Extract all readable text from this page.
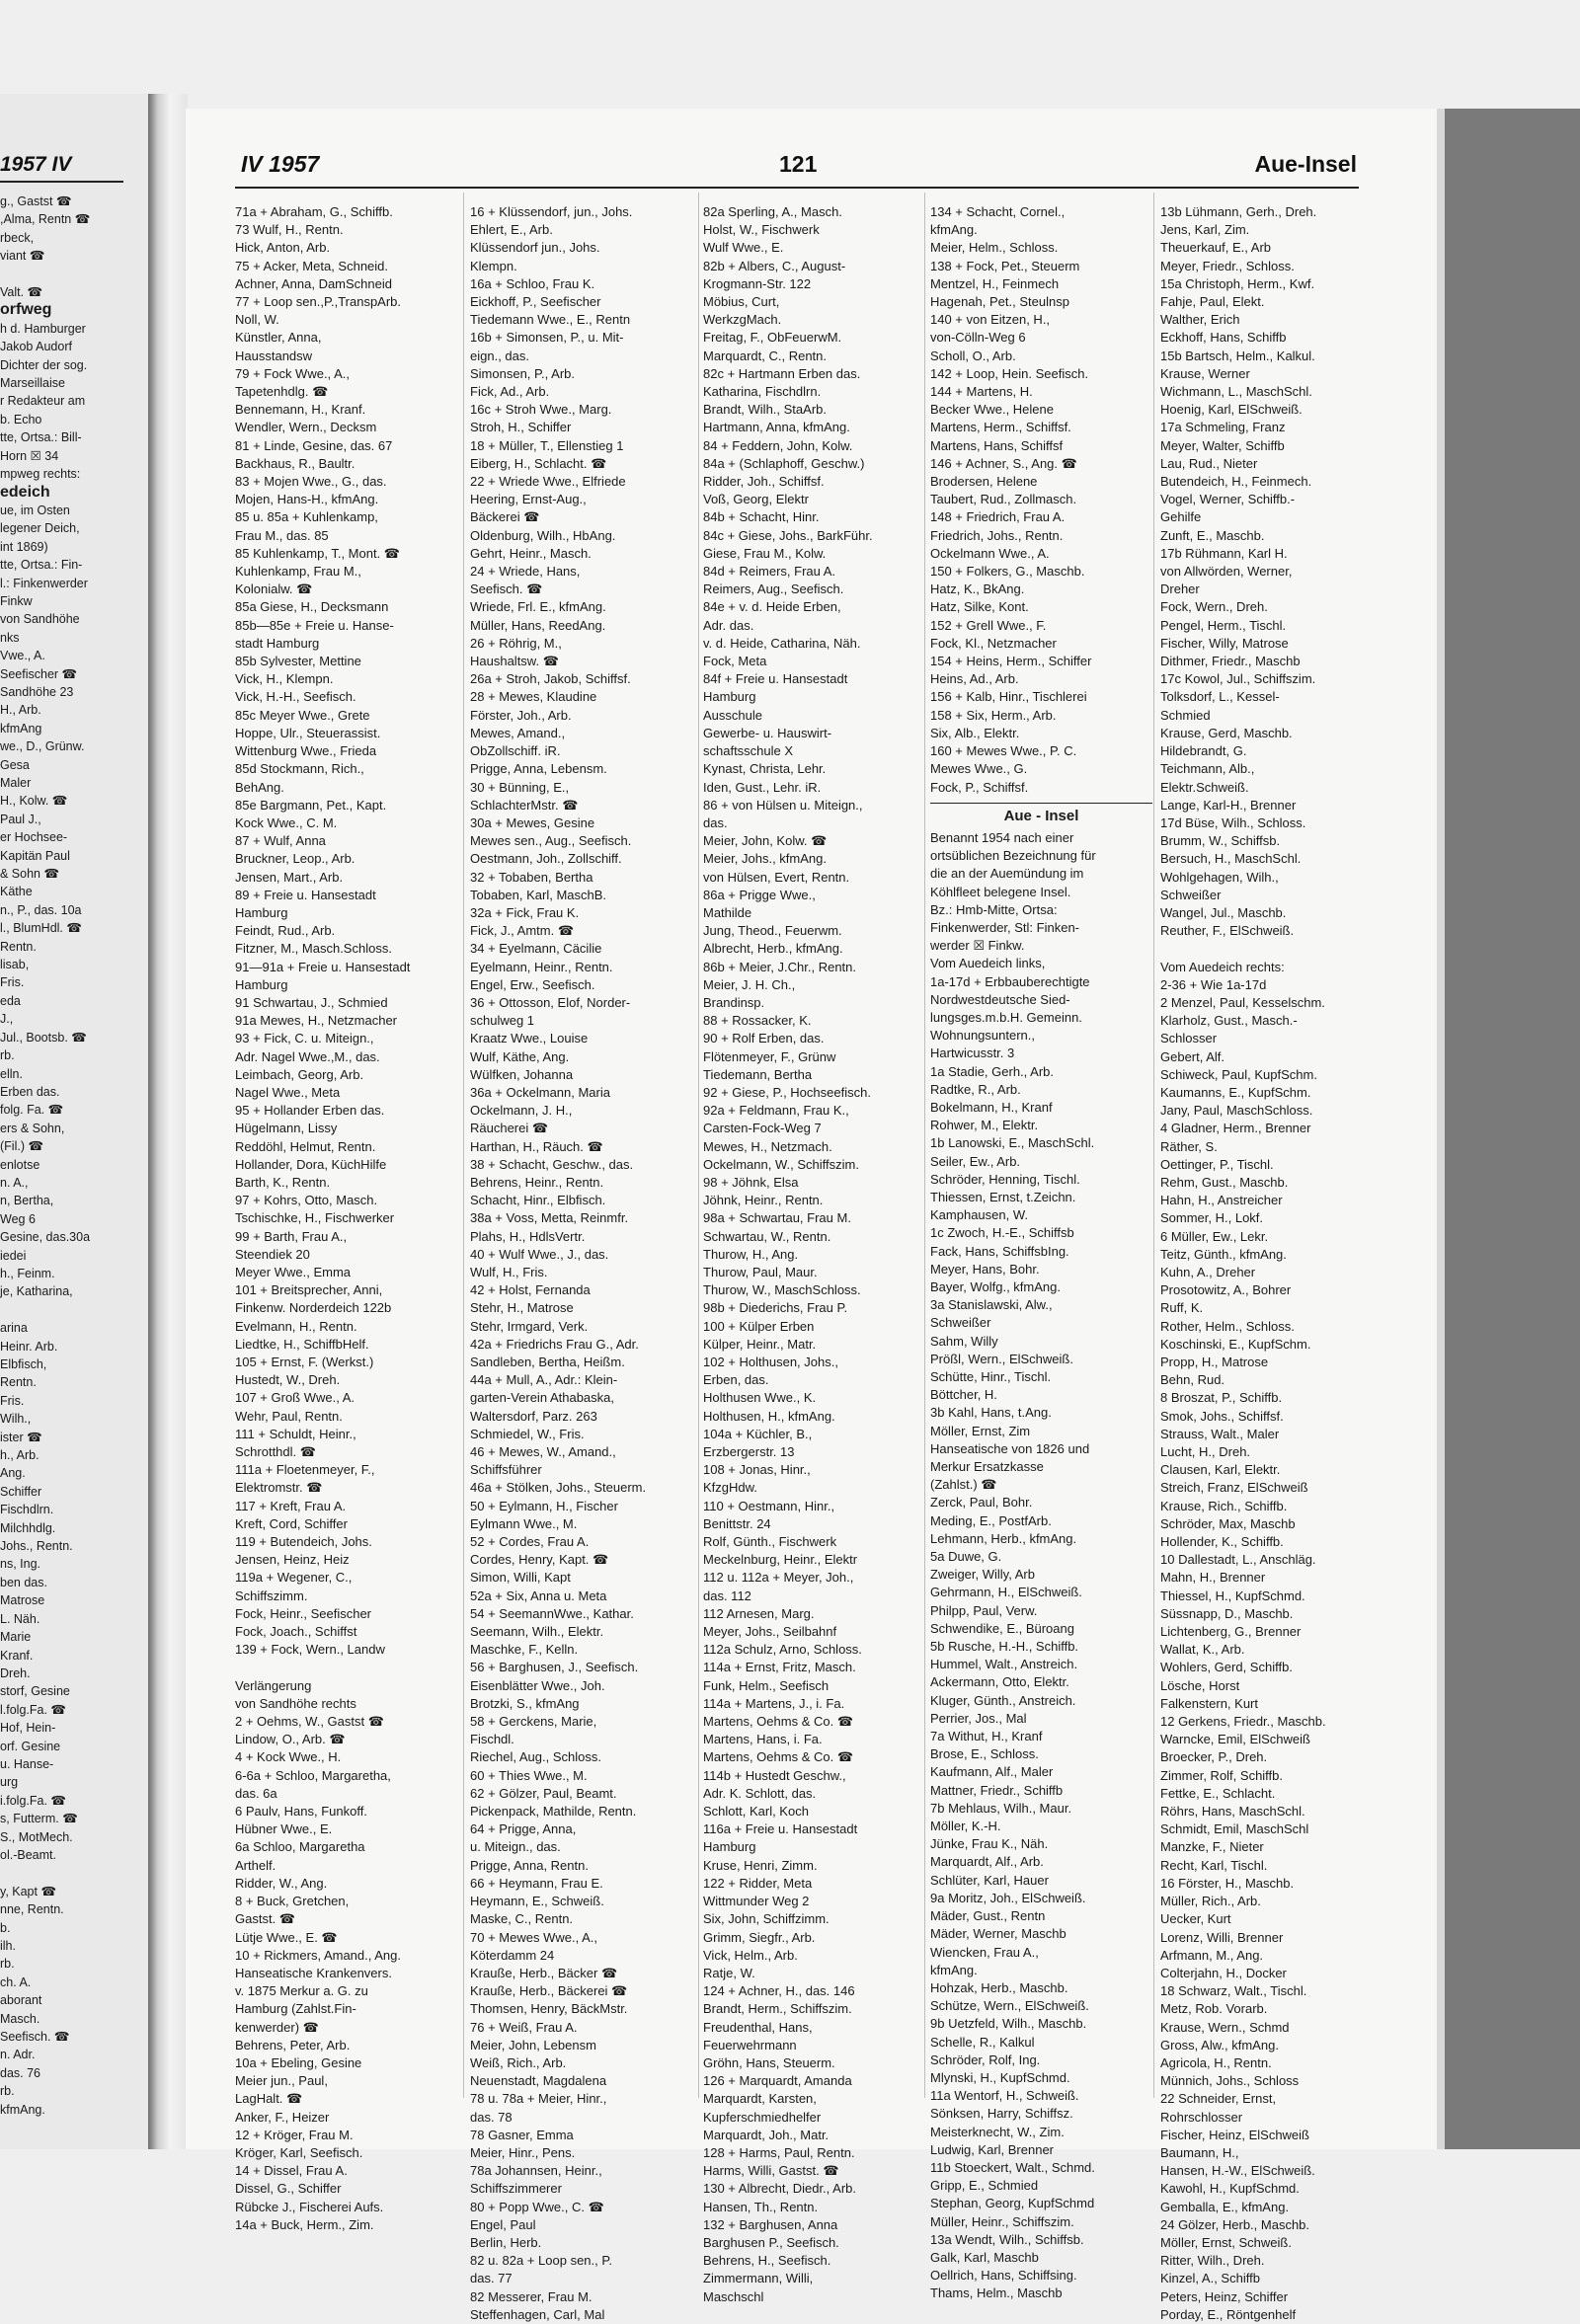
1957 IV
g., Gastst ☎
,Alma, Rentn ☎
rbeck,
viant ☎

Valt. ☎
orfweg
h d. Hamburger
Jakob Audorf
Dichter der sog.
Marseillaise
r Redakteur am
b. Echo
tte, Ortsa.: Bill-
Horn ☒ 34
mpweg rechts:
edeich
ue, im Osten
legener Deich,
int 1869)
tte, Ortsa.: Fin-
l.: Finkenwerder
Finkw
von Sandhöhe
nks
Vwe., A.
Seefischer ☎
Sandhöhe 23
H., Arb.
kfmAng
we., D., Grünw.
Gesa
Maler
H., Kolw. ☎
Paul J.,
er Hochsee-
Kapitän Paul
& Sohn ☎
Käthe
n., P., das. 10a
l., BlumHdl. ☎
Rentn.
lisab,
Fris.
eda
J.,
Jul., Bootsb. ☎
rb.
elln.
Erben das.
folg. Fa. ☎
ers & Sohn,
(Fil.) ☎
enlotse
n. A.,
n, Bertha,
Weg 6
Gesine, das.30a
iedei
h., Feinm.
je, Katharina,

arina
Heinr. Arb.
Elbfisch,
Rentn.
Fris.
Wilh.,
ister ☎
h., Arb.
Ang.
Schiffer
Fischdlrn.
Milchhdlg.
Johs., Rentn.
ns, Ing.
ben das.
Matrose
L. Näh.
Marie
Kranf.
Dreh.
storf, Gesine
l.folg.Fa. ☎
Hof, Hein-
orf. Gesine
u. Hanse-
urg
i.folg.Fa. ☎
s, Futterm. ☎
S., MotMech.
ol.-Beamt.

y, Kapt ☎
nne, Rentn.
b.
ilh.
rb.
ch. A.
aborant
Masch.
Seefisch. ☎
n. Adr.
das. 76
rb.
kfmAng.
IV 1957	121	Aue-Insel
71a + Abraham, G., Schiffb.
73 Wulf, H., Rentn.
Hick, Anton, Arb.
75 + Acker, Meta, Schneid.
Achner, Anna, DamSchneid
77 + Loop sen.,P.,TranspArb.
Noll, W.
Künstler, Anna,
Hausstandsw
79 + Fock Wwe., A.,
Tapetenhdlg. ☎
Bennemann, H., Kranf.
Wendler, Wern., Decksm
81 + Linde, Gesine, das. 67
Backhaus, R., Baultr.
83 + Mojen Wwe., G., das.
Mojen, Hans-H., kfmAng.
85 u. 85a + Kuhlenkamp,
Frau M., das. 85
85 Kuhlenkamp, T., Mont. ☎
Kuhlenkamp, Frau M.,
Kolonialw. ☎
85a Giese, H., Decksmann
85b—85e + Freie u. Hanse-
stadt Hamburg
85b Sylvester, Mettine
Vick, H., Klempn.
Vick, H.-H., Seefisch.
85c Meyer Wwe., Grete
Hoppe, Ulr., Steuerassist.
Wittenburg Wwe., Frieda
85d Stockmann, Rich.,
BehAng.
85e Bargmann, Pet., Kapt.
Kock Wwe., C. M.
87 + Wulf, Anna
Bruckner, Leop., Arb.
Jensen, Mart., Arb.
89 + Freie u. Hansestadt
Hamburg
Feindt, Rud., Arb.
Fitzner, M., Masch.Schloss.
91—91a + Freie u. Hansestadt
Hamburg
91 Schwartau, J., Schmied
91a Mewes, H., Netzmacher
93 + Fick, C. u. Miteign.,
Adr. Nagel Wwe.,M., das.
Leimbach, Georg, Arb.
Nagel Wwe., Meta
95 + Hollander Erben das.
Hügelmann, Lissy
Reddöhl, Helmut, Rentn.
Hollander, Dora, KüchHilfe
Barth, K., Rentn.
97 + Kohrs, Otto, Masch.
Tschischke, H., Fischwerker
99 + Barth, Frau A.,
Steendiek 20
Meyer Wwe., Emma
101 + Breitsprecher, Anni,
Finkenw. Norderdeich 122b
Evelmann, H., Rentn.
Liedtke, H., SchiffbHelf.
105 + Ernst, F. (Werkst.)
Hustedt, W., Dreh.
107 + Groß Wwe., A.
Wehr, Paul, Rentn.
111 + Schuldt, Heinr.,
Schrotthdl. ☎
111a + Floetenmeyer, F.,
Elektromstr. ☎
117 + Kreft, Frau A.
Kreft, Cord, Schiffer
119 + Butendeich, Johs.
Jensen, Heinz, Heiz
119a + Wegener, C.,
Schiffszimm.
Fock, Heinr., Seefischer
Fock, Joach., Schiffst
139 + Fock, Wern., Landw

Verlängerung
von Sandhöhe rechts
2 + Oehms, W., Gastst ☎
Lindow, O., Arb. ☎
4 + Kock Wwe., H.
6-6a + Schloo, Margaretha,
das. 6a
6 Paulv, Hans, Funkoff.
Hübner Wwe., E.
6a Schloo, Margaretha
Arthelf.
Ridder, W., Ang.
8 + Buck, Gretchen,
Gastst. ☎
Lütje Wwe., E. ☎
10 + Rickmers, Amand., Ang.
Hanseatische Krankenvers.
v. 1875 Merkur a. G. zu
Hamburg (Zahlst.Fin-
kenwerder) ☎
Behrens, Peter, Arb.
10a + Ebeling, Gesine
Meier jun., Paul,
LagHalt. ☎
Anker, F., Heizer
12 + Kröger, Frau M.
Kröger, Karl, Seefisch.
14 + Dissel, Frau A.
Dissel, G., Schiffer
Rübcke J., Fischerei Aufs.
14a + Buck, Herm., Zim.
16 + Klüssendorf, jun., Johs.
Ehlert, E., Arb.
Klüssendorf jun., Johs.
Klempn.
16a + Schloo, Frau K.
Eickhoff, P., Seefischer
Tiedemann Wwe., E., Rentn
16b + Simonsen, P., u. Mit-
eign., das.
Simonsen, P., Arb.
Fick, Ad., Arb.
16c + Stroh Wwe., Marg.
Stroh, H., Schiffer
18 + Müller, T., Ellenstieg 1
Eiberg, H., Schlacht. ☎
22 + Wriede Wwe., Elfriede
Heering, Ernst-Aug.,
Bäckerei ☎
Oldenburg, Wilh., HbAng.
Gehrt, Heinr., Masch.
24 + Wriede, Hans,
Seefisch. ☎
Wriede, Frl. E., kfmAng.
Müller, Hans, ReedAng.
26 + Röhrig, M.,
Haushaltsw. ☎
26a + Stroh, Jakob, Schiffsf.
28 + Mewes, Klaudine
Förster, Joh., Arb.
Mewes, Amand.,
ObZollschiff. iR.
Prigge, Anna, Lebensm.
30 + Bünning, E.,
SchlachterMstr. ☎
30a + Mewes, Gesine
Mewes sen., Aug., Seefisch.
Oestmann, Joh., Zollschiff.
32 + Tobaben, Bertha
Tobaben, Karl, MaschB.
32a + Fick, Frau K.
Fick, J., Amtm. ☎
34 + Eyelmann, Cäcilie
Eyelmann, Heinr., Rentn.
Engel, Erw., Seefisch.
36 + Ottosson, Elof, Norder-
schulweg 1
Kraatz Wwe., Louise
Wulf, Käthe, Ang.
Wülfken, Johanna
36a + Ockelmann, Maria
Ockelmann, J. H.,
Räucherei ☎
Harthan, H., Räuch. ☎
38 + Schacht, Geschw., das.
Behrens, Heinr., Rentn.
Schacht, Hinr., Elbfisch.
38a + Voss, Metta, Reinmfr.
Plahs, H., HdlsVertr.
40 + Wulf Wwe., J., das.
Wulf, H., Fris.
42 + Holst, Fernanda
Stehr, H., Matrose
Stehr, Irmgard, Verk.
42a + Friedrichs Frau G., Adr.
Sandleben, Bertha, Heißm.
44a + Mull, A., Adr.: Klein-
garten-Verein Athabaska,
Waltersdorf, Parz. 263
Schmiedel, W., Fris.
46 + Mewes, W., Amand.,
Schiffsführer
46a + Stölken, Johs., Steuerm.
50 + Eylmann, H., Fischer
Eylmann Wwe., M.
52 + Cordes, Frau A.
Cordes, Henry, Kapt. ☎
Simon, Willi, Kapt
52a + Six, Anna u. Meta
54 + SeemannWwe., Kathar.
Seemann, Wilh., Elektr.
Maschke, F., Kelln.
56 + Barghusen, J., Seefisch.
Eisenblätter Wwe., Joh.
Brotzki, S., kfmAng
58 + Gerckens, Marie,
Fischdl.
Riechel, Aug., Schloss.
60 + Thies Wwe., M.
62 + Gölzer, Paul, Beamt.
Pickenpack, Mathilde, Rentn.
64 + Prigge, Anna,
u. Miteign., das.
Prigge, Anna, Rentn.
66 + Heymann, Frau E.
Heymann, E., Schweiß.
Maske, C., Rentn.
70 + Mewes Wwe., A.,
Köterdamm 24
Krauße, Herb., Bäcker ☎
Krauße, Herb., Bäckerei ☎
Thomsen, Henry, BäckMstr.
76 + Weiß, Frau A.
Meier, John, Lebensm
Weiß, Rich., Arb.
Neuenstadt, Magdalena
78 u. 78a + Meier, Hinr.,
das. 78
78 Gasner, Emma
Meier, Hinr., Pens.
78a Johannsen, Heinr.,
Schiffszimmerer
80 + Popp Wwe., C. ☎
Engel, Paul
Berlin, Herb.
82 u. 82a + Loop sen., P.
das. 77
82 Messerer, Frau M.
Steffenhagen, Carl, Mal
82a Sperling, A., Masch.
Holst, W., Fischwerk
Wulf Wwe., E.
82b + Albers, C., August-
Krogmann-Str. 122
Möbius, Curt,
WerkzgMach.
Freitag, F., ObFeuerwM.
Marquardt, C., Rentn.
82c + Hartmann Erben das.
Katharina, Fischdlrn.
Brandt, Wilh., StaArb.
Hartmann, Anna, kfmAng.
84 + Feddern, John, Kolw.
84a + (Schlaphoff, Geschw.)
Ridder, Joh., Schiffsf.
Voß, Georg, Elektr
84b + Schacht, Hinr.
84c + Giese, Johs., BarkFühr.
Giese, Frau M., Kolw.
84d + Reimers, Frau A.
Reimers, Aug., Seefisch.
84e + v. d. Heide Erben,
Adr. das.
v. d. Heide, Catharina, Näh.
Fock, Meta
84f + Freie u. Hansestadt
Hamburg
Ausschule
Gewerbe- u. Hauswirt-
schaftsschule X
Kynast, Christa, Lehr.
Iden, Gust., Lehr. iR.
86 + von Hülsen u. Miteign.,
das.
Meier, John, Kolw. ☎
Meier, Johs., kfmAng.
von Hülsen, Evert, Rentn.
86a + Prigge Wwe.,
Mathilde
Jung, Theod., Feuerwm.
Albrecht, Herb., kfmAng.
86b + Meier, J.Chr., Rentn.
Meier, J. H. Ch.,
Brandinsp.
88 + Rossacker, K.
90 + Rolf Erben, das.
Flötenmeyer, F., Grünw
Tiedemann, Bertha
92 + Giese, P., Hochseefisch.
92a + Feldmann, Frau K.,
Carsten-Fock-Weg 7
Mewes, H., Netzmach.
Ockelmann, W., Schiffszim.
98 + Jöhnk, Elsa
Jöhnk, Heinr., Rentn.
98a + Schwartau, Frau M.
Schwartau, W., Rentn.
Thurow, H., Ang.
Thurow, Paul, Maur.
Thurow, W., MaschSchloss.
98b + Diederichs, Frau P.
100 + Külper Erben
Külper, Heinr., Matr.
102 + Holthusen, Johs.,
Erben, das.
Holthusen Wwe., K.
Holthusen, H., kfmAng.
104a + Küchler, B.,
Erzbergerstr. 13
108 + Jonas, Hinr.,
KfzgHdw.
110 + Oestmann, Hinr.,
Benittstr. 24
Rolf, Günth., Fischwerk
Meckelnburg, Heinr., Elektr
112 u. 112a + Meyer, Joh.,
das. 112
112 Arnesen, Marg.
Meyer, Johs., Seilbahnf
112a Schulz, Arno, Schloss.
114a + Ernst, Fritz, Masch.
Funk, Helm., Seefisch
114a + Martens, J., i. Fa.
Martens, Oehms & Co. ☎
Martens, Hans, i. Fa.
Martens, Oehms & Co. ☎
114b + Hustedt Geschw.,
Adr. K. Schlott, das.
Schlott, Karl, Koch
116a + Freie u. Hansestadt
Hamburg
Kruse, Henri, Zimm.
122 + Ridder, Meta
Wittmunder Weg 2
Six, John, Schiffzimm.
Grimm, Siegfr., Arb.
Vick, Helm., Arb.
Ratje, W.
124 + Achner, H., das. 146
Brandt, Herm., Schiffszim.
Freudenthal, Hans,
Feuerwehrmann
Gröhn, Hans, Steuerm.
126 + Marquardt, Amanda
Marquardt, Karsten,
Kupferschmiedhelfer
Marquardt, Joh., Matr.
128 + Harms, Paul, Rentn.
Harms, Willi, Gastst. ☎
130 + Albrecht, Diedr., Arb.
Hansen, Th., Rentn.
132 + Barghusen, Anna
Barghusen P., Seefisch.
Behrens, H., Seefisch.
Zimmermann, Willi,
Maschschl
134 + Schacht, Cornel.,
kfmAng.
Meier, Helm., Schloss.
138 + Fock, Pet., Steuerm
Mentzel, H., Feinmech
Hagenah, Pet., Steulnsp
140 + von Eitzen, H.,
von-Cölln-Weg 6
Scholl, O., Arb.
142 + Loop, Hein. Seefisch.
144 + Martens, H.
Becker Wwe., Helene
Martens, Herm., Schiffsf.
Martens, Hans, Schiffsf
146 + Achner, S., Ang. ☎
Brodersen, Helene
Taubert, Rud., Zollmasch.
148 + Friedrich, Frau A.
Friedrich, Johs., Rentn.
Ockelmann Wwe., A.
150 + Folkers, G., Maschb.
Hatz, K., BkAng.
Hatz, Silke, Kont.
152 + Grell Wwe., F.
Fock, Kl., Netzmacher
154 + Heins, Herm., Schiffer
Heins, Ad., Arb.
156 + Kalb, Hinr., Tischlerei
158 + Six, Herm., Arb.
Six, Alb., Elektr.
160 + Mewes Wwe., P. C.
Mewes Wwe., G.
Fock, P., Schiffsf.
Aue - Insel
Benannt 1954 nach einer
ortsüblichen Bezeichnung für
die an der Auemündung im
Köhlfleet belegene Insel.
Bz.: Hmb-Mitte, Ortsa:
Finkenwerder, Stl: Finken-
werder ☒ Finkw.
Vom Auedeich links,
1a-17d + Erbbauberechtigte
Nordwestdeutsche Sied-
lungsges.m.b.H. Gemeinn.
Wohnungsuntern.,
Hartwicusstr. 3
1a Stadie, Gerh., Arb.
Radtke, R., Arb.
Bokelmann, H., Kranf
Rohwer, M., Elektr.
1b Lanowski, E., MaschSchl.
Seiler, Ew., Arb.
Schröder, Henning, Tischl.
Thiessen, Ernst, t.Zeichn.
Kamphausen, W.
1c Zwoch, H.-E., Schiffsb
Fack, Hans, SchiffsbIng.
Meyer, Hans, Bohr.
Bayer, Wolfg., kfmAng.
3a Stanislawski, Alw.,
Schweißer
Sahm, Willy
Prößl, Wern., ElSchweiß.
Schütte, Hinr., Tischl.
Böttcher, H.
3b Kahl, Hans, t.Ang.
Möller, Ernst, Zim
Hanseatische von 1826 und
Merkur Ersatzkasse
(Zahlst.) ☎
Zerck, Paul, Bohr.
Meding, E., PostfArb.
Lehmann, Herb., kfmAng.
5a Duwe, G.
Zweiger, Willy, Arb
Gehrmann, H., ElSchweiß.
Philpp, Paul, Verw.
Schwendike, E., Büroang
5b Rusche, H.-H., Schiffb.
Hummel, Walt., Anstreich.
Ackermann, Otto, Elektr.
Kluger, Günth., Anstreich.
Perrier, Jos., Mal
7a Withut, H., Kranf
Brose, E., Schloss.
Kaufmann, Alf., Maler
Mattner, Friedr., Schiffb
7b Mehlaus, Wilh., Maur.
Möller, K.-H.
Jünke, Frau K., Näh.
Marquardt, Alf., Arb.
Schlüter, Karl, Hauer
9a Moritz, Joh., ElSchweiß.
Mäder, Gust., Rentn
Mäder, Werner, Maschb
Wiencken, Frau A.,
kfmAng.
Hohzak, Herb., Maschb.
Schütze, Wern., ElSchweiß.
9b Uetzfeld, Wilh., Maschb.
Schelle, R., Kalkul
Schröder, Rolf, Ing.
Mlynski, H., KupfSchmd.
11a Wentorf, H., Schweiß.
Sönksen, Harry, Schiffsz.
Meisterknecht, W., Zim.
Ludwig, Karl, Brenner
11b Stoeckert, Walt., Schmd.
Gripp, E., Schmied
Stephan, Georg, KupfSchmd
Müller, Heinr., Schiffszim.
13a Wendt, Wilh., Schiffsb.
Galk, Karl, Maschb
Oellrich, Hans, Schiffsing.
Thams, Helm., Maschb
13b Lühmann, Gerh., Dreh.
Jens, Karl, Zim.
Theuerkauf, E., Arb
Meyer, Friedr., Schloss.
15a Christoph, Herm., Kwf.
Fahje, Paul, Elekt.
Walther, Erich
Eckhoff, Hans, Schiffb
15b Bartsch, Helm., Kalkul.
Krause, Werner
Wichmann, L., MaschSchl.
Hoenig, Karl, ElSchweiß.
17a Schmeling, Franz
Meyer, Walter, Schiffb
Lau, Rud., Nieter
Butendeich, H., Feinmech.
Vogel, Werner, Schiffb.-
Gehilfe
Zunft, E., Maschb.
17b Rühmann, Karl H.
von Allwörden, Werner,
Dreher
Fock, Wern., Dreh.
Pengel, Herm., Tischl.
Fischer, Willy, Matrose
Dithmer, Friedr., Maschb
17c Kowol, Jul., Schiffszim.
Tolksdorf, L., Kessel-
Schmied
Krause, Gerd, Maschb.
Hildebrandt, G.
Teichmann, Alb.,
Elektr.Schweiß.
Lange, Karl-H., Brenner
17d Büse, Wilh., Schloss.
Brumm, W., Schiffsb.
Bersuch, H., MaschSchl.
Wohlgehagen, Wilh.,
Schweißer
Wangel, Jul., Maschb.
Reuther, F., ElSchweiß.

Vom Auedeich rechts:
2-36 + Wie 1a-17d
2 Menzel, Paul, Kesselschm.
Klarholz, Gust., Masch.-
Schlosser
Gebert, Alf.
Schiweck, Paul, KupfSchm.
Kaumanns, E., KupfSchm.
Jany, Paul, MaschSchloss.
4 Gladner, Herm., Brenner
Räther, S.
Oettinger, P., Tischl.
Rehm, Gust., Maschb.
Hahn, H., Anstreicher
Sommer, H., Lokf.
6 Müller, Ew., Lekr.
Teitz, Günth., kfmAng.
Kuhn, A., Dreher
Prosotowitz, A., Bohrer
Ruff, K.
Rother, Helm., Schloss.
Koschinski, E., KupfSchm.
Propp, H., Matrose
Behn, Rud.
8 Broszat, P., Schiffb.
Smok, Johs., Schiffsf.
Strauss, Walt., Maler
Lucht, H., Dreh.
Clausen, Karl, Elektr.
Streich, Franz, ElSchweiß
Krause, Rich., Schiffb.
Schröder, Max, Maschb
Hollender, K., Schiffb.
10 Dallestadt, L., Anschläg.
Mahn, H., Brenner
Thiessel, H., KupfSchmd.
Süssnapp, D., Maschb.
Lichtenberg, G., Brenner
Wallat, K., Arb.
Wohlers, Gerd, Schiffb.
Lösche, Horst
Falkenstern, Kurt
12 Gerkens, Friedr., Maschb.
Warncke, Emil, ElSchweiß
Broecker, P., Dreh.
Zimmer, Rolf, Schiffb.
Fettke, E., Schlacht.
Röhrs, Hans, MaschSchl.
Schmidt, Emil, MaschSchl
Manzke, F., Nieter
Recht, Karl, Tischl.
16 Förster, H., Maschb.
Müller, Rich., Arb.
Uecker, Kurt
Lorenz, Willi, Brenner
Arfmann, M., Ang.
Colterjahn, H., Docker
18 Schwarz, Walt., Tischl.
Metz, Rob. Vorarb.
Krause, Wern., Schmd
Gross, Alw., kfmAng.
Agricola, H., Rentn.
Münnich, Johs., Schloss
22 Schneider, Ernst,
Rohrschlosser
Fischer, Heinz, ElSchweiß
Baumann, H.,
Hansen, H.-W., ElSchweiß.
Kawohl, H., KupfSchmd.
Gemballa, E., kfmAng.
24 Gölzer, Herb., Maschb.
Möller, Ernst, Schweiß.
Ritter, Wilh., Dreh.
Kinzel, A., Schiffb
Peters, Heinz, Schiffer
Porday, E., Röntgenhelf
